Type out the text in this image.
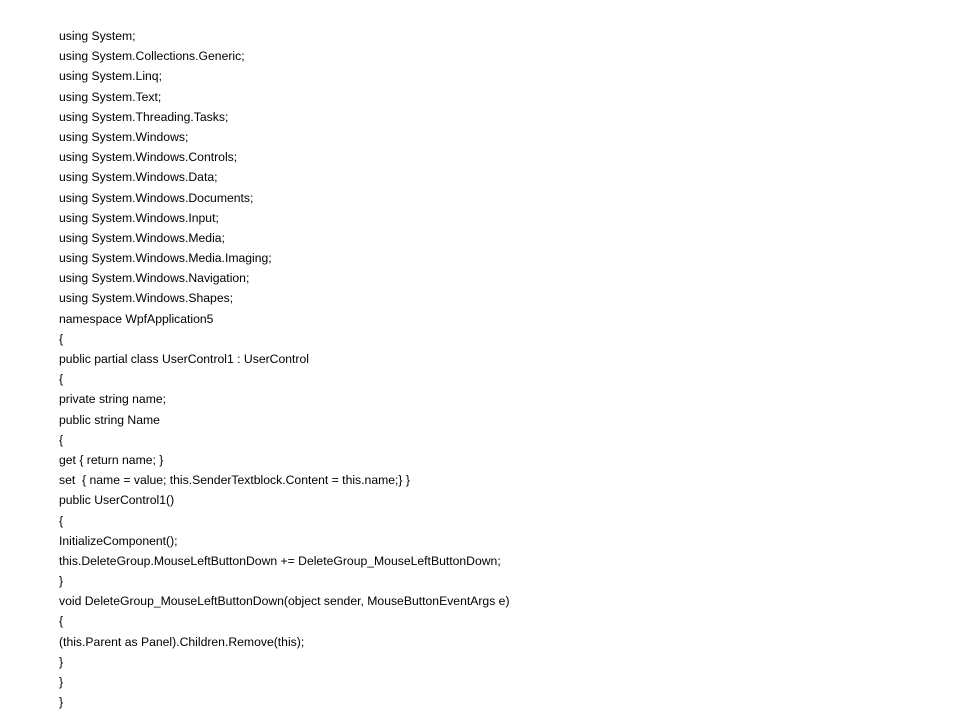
using System;
using System.Collections.Generic;
using System.Linq;
using System.Text;
using System.Threading.Tasks;
using System.Windows;
using System.Windows.Controls;
using System.Windows.Data;
using System.Windows.Documents;
using System.Windows.Input;
using System.Windows.Media;
using System.Windows.Media.Imaging;
using System.Windows.Navigation;
using System.Windows.Shapes;
namespace WpfApplication5
{
public partial class UserControl1 : UserControl
{
private string name;
public string Name
{
get { return name; }
set  { name = value; this.SenderTextblock.Content = this.name;} }
public UserControl1()
{
InitializeComponent();
this.DeleteGroup.MouseLeftButtonDown += DeleteGroup_MouseLeftButtonDown;
}
void DeleteGroup_MouseLeftButtonDown(object sender, MouseButtonEventArgs e)
{
(this.Parent as Panel).Children.Remove(this);
}
}
}
